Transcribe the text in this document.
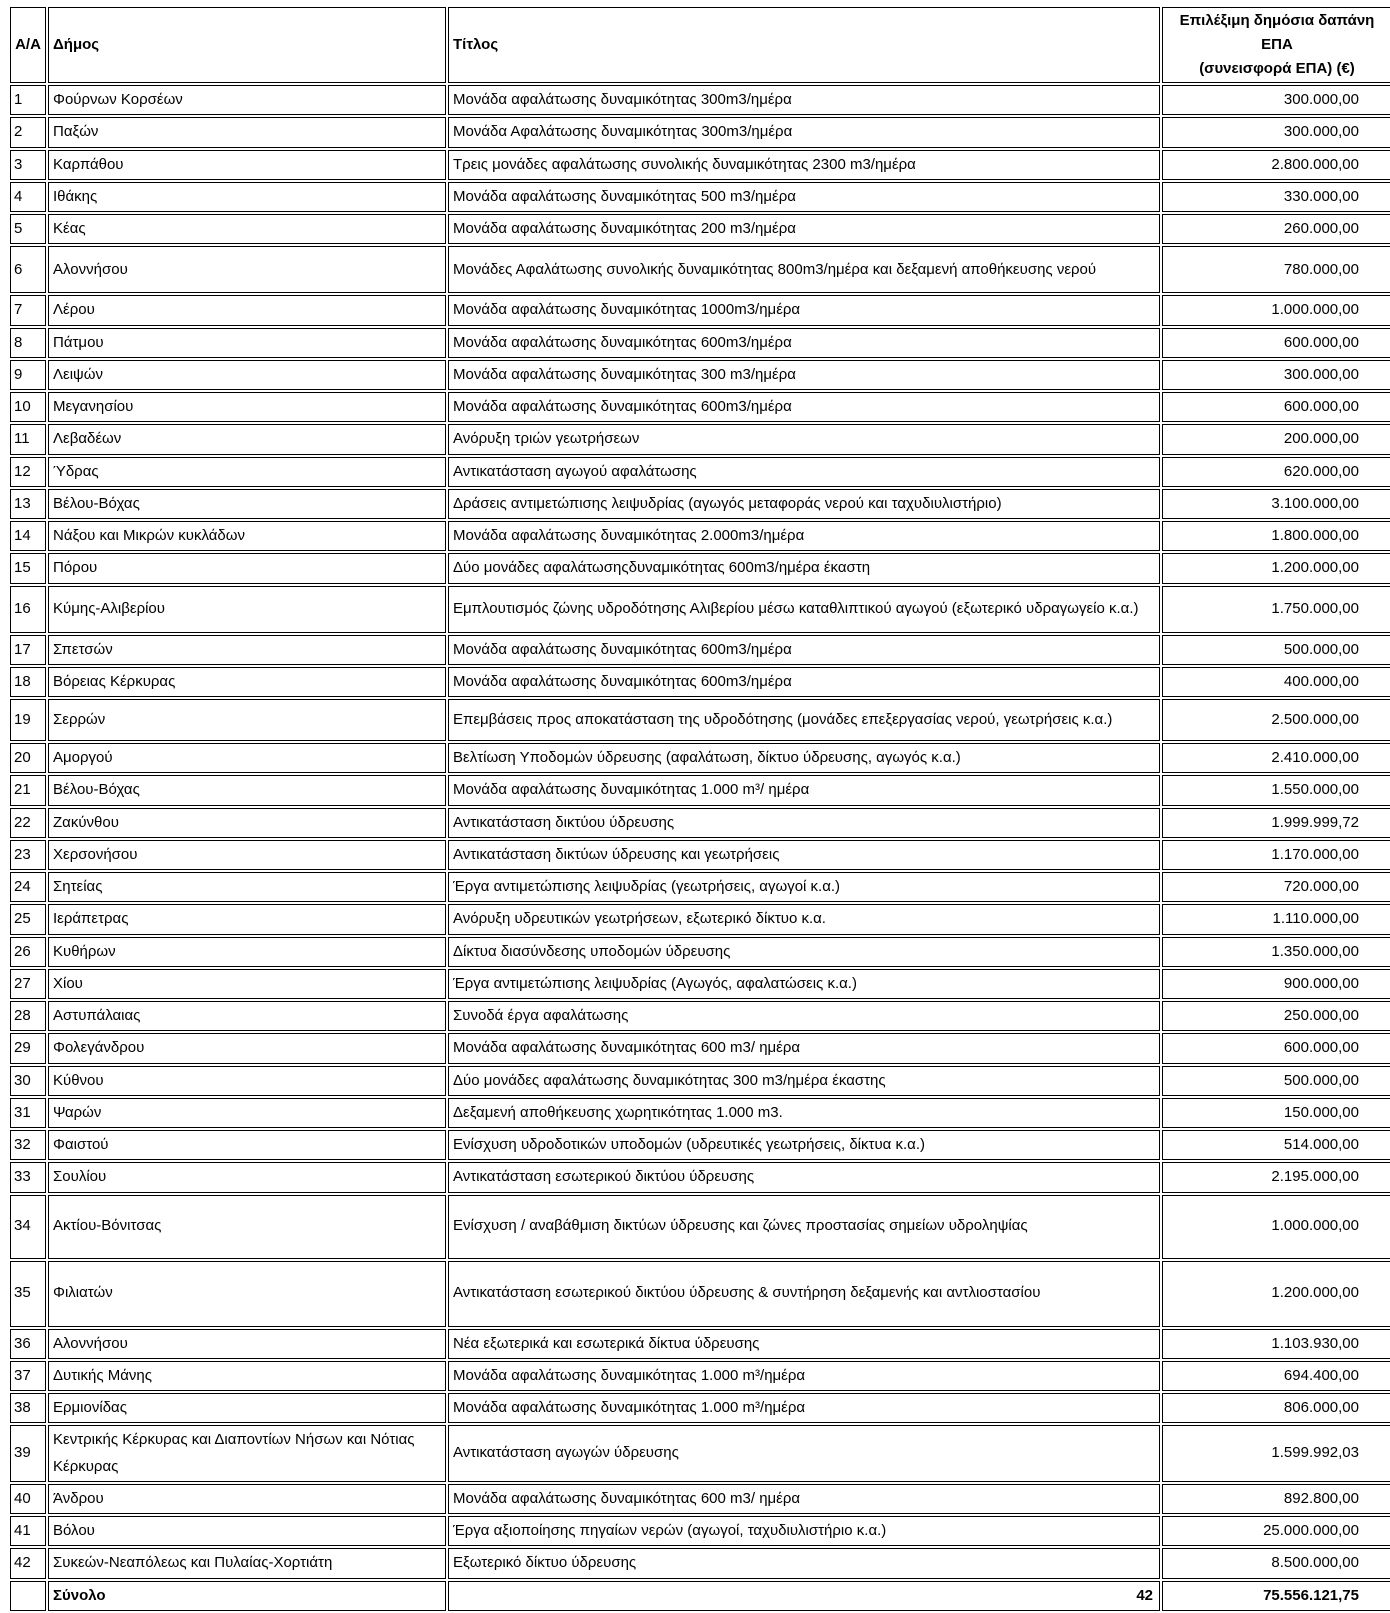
Α/Α	Δήμος	Τίτλος	Επιλέξιμη δημόσια δαπάνη ΕΠΑ
(συνεισφορά ΕΠΑ) (€)

1	Φούρνων Κορσέων	Μονάδα αφαλάτωσης δυναμικότητας 300m3/ημέρα	300.000,00
2	Παξών	Μονάδα Αφαλάτωσης δυναμικότητας 300m3/ημέρα	300.000,00
3	Καρπάθου	Τρεις μονάδες αφαλάτωσης συνολικής δυναμικότητας 2300 m3/ημέρα	2.800.000,00
4	Ιθάκης	Μονάδα αφαλάτωσης δυναμικότητας 500 m3/ημέρα	330.000,00
5	Κέας	Μονάδα αφαλάτωσης δυναμικότητας 200 m3/ημέρα	260.000,00
6	Αλοννήσου	Μονάδες Αφαλάτωσης συνολικής δυναμικότητας 800m3/ημέρα και δεξαμενή αποθήκευσης νερού	780.000,00
7	Λέρου	Μονάδα αφαλάτωσης δυναμικότητας 1000m3/ημέρα	1.000.000,00
8	Πάτμου	Μονάδα αφαλάτωσης δυναμικότητας 600m3/ημέρα	600.000,00
9	Λειψών	Μονάδα αφαλάτωσης δυναμικότητας 300 m3/ημέρα	300.000,00
10	Μεγανησίου	Μονάδα αφαλάτωσης δυναμικότητας 600m3/ημέρα	600.000,00
11	Λεβαδέων	Ανόρυξη τριών γεωτρήσεων	200.000,00
12	Ύδρας	Αντικατάσταση αγωγού αφαλάτωσης	620.000,00
13	Βέλου-Βόχας	Δράσεις αντιμετώπισης λειψυδρίας (αγωγός μεταφοράς νερού και ταχυδιυλιστήριο)	3.100.000,00
14	Νάξου και Μικρών κυκλάδων	Μονάδα αφαλάτωσης δυναμικότητας 2.000m3/ημέρα	1.800.000,00
15	Πόρου	Δύο μονάδες αφαλάτωσηςδυναμικότητας 600m3/ημέρα έκαστη	1.200.000,00
16	Κύμης-Αλιβερίου	Εμπλουτισμός ζώνης υδροδότησης Αλιβερίου μέσω καταθλιπτικού αγωγού (εξωτερικό υδραγωγείο κ.α.)	1.750.000,00
17	Σπετσών	Μονάδα αφαλάτωσης δυναμικότητας 600m3/ημέρα	500.000,00
18	Βόρειας Κέρκυρας	Μονάδα αφαλάτωσης δυναμικότητας 600m3/ημέρα	400.000,00
19	Σερρών	Επεμβάσεις προς αποκατάσταση της υδροδότησης (μονάδες επεξεργασίας νερού, γεωτρήσεις κ.α.)	2.500.000,00
20	Αμοργού	Βελτίωση Υποδομών ύδρευσης (αφαλάτωση, δίκτυο ύδρευσης, αγωγός κ.α.)	2.410.000,00
21	Βέλου-Βόχας	Μονάδα αφαλάτωσης δυναμικότητας 1.000 m³/ ημέρα	1.550.000,00
22	Ζακύνθου	Αντικατάσταση δικτύου ύδρευσης	1.999.999,72
23	Χερσονήσου	Αντικατάσταση δικτύων ύδρευσης και γεωτρήσεις	1.170.000,00
24	Σητείας	Έργα αντιμετώπισης λειψυδρίας (γεωτρήσεις, αγωγοί κ.α.)	720.000,00
25	Ιεράπετρας	Ανόρυξη υδρευτικών γεωτρήσεων, εξωτερικό δίκτυο κ.α.	1.110.000,00
26	Κυθήρων	Δίκτυα διασύνδεσης υποδομών ύδρευσης	1.350.000,00
27	Χίου	Έργα αντιμετώπισης λειψυδρίας (Αγωγός, αφαλατώσεις κ.α.)	900.000,00
28	Αστυπάλαιας	Συνοδά έργα αφαλάτωσης	250.000,00
29	Φολεγάνδρου	Μονάδα αφαλάτωσης δυναμικότητας 600 m3/ ημέρα	600.000,00
30	Κύθνου	Δύο μονάδες αφαλάτωσης δυναμικότητας 300 m3/ημέρα έκαστης	500.000,00
31	Ψαρών	Δεξαμενή αποθήκευσης χωρητικότητας 1.000 m3.	150.000,00
32	Φαιστού	Ενίσχυση υδροδοτικών υποδομών (υδρευτικές γεωτρήσεις, δίκτυα κ.α.)	514.000,00
33	Σουλίου	Αντικατάσταση εσωτερικού δικτύου ύδρευσης	2.195.000,00
34	Ακτίου-Βόνιτσας	Ενίσχυση / αναβάθμιση δικτύων ύδρευσης και ζώνες προστασίας σημείων υδροληψίας	1.000.000,00
35	Φιλιατών	Αντικατάσταση εσωτερικού δικτύου ύδρευσης & συντήρηση δεξαμενής και αντλιοστασίου	1.200.000,00
36	Αλοννήσου	Νέα εξωτερικά και εσωτερικά δίκτυα ύδρευσης	1.103.930,00
37	Δυτικής Μάνης	Μονάδα αφαλάτωσης δυναμικότητας 1.000 m³/ημέρα	694.400,00
38	Ερμιονίδας	Μονάδα αφαλάτωσης δυναμικότητας 1.000 m³/ημέρα	806.000,00
39	Κεντρικής Κέρκυρας και Διαποντίων Νήσων και Νότιας Κέρκυρας	Αντικατάσταση αγωγών ύδρευσης	1.599.992,03
40	Άνδρου	Μονάδα αφαλάτωσης δυναμικότητας 600 m3/ ημέρα	892.800,00
41	Βόλου	Έργα αξιοποίησης πηγαίων νερών (αγωγοί, ταχυδιυλιστήριο κ.α.)	25.000.000,00
42	Συκεών-Νεαπόλεως και Πυλαίας-Χορτιάτη	Εξωτερικό δίκτυο ύδρευσης	8.500.000,00
	Σύνολο	42	75.556.121,75
